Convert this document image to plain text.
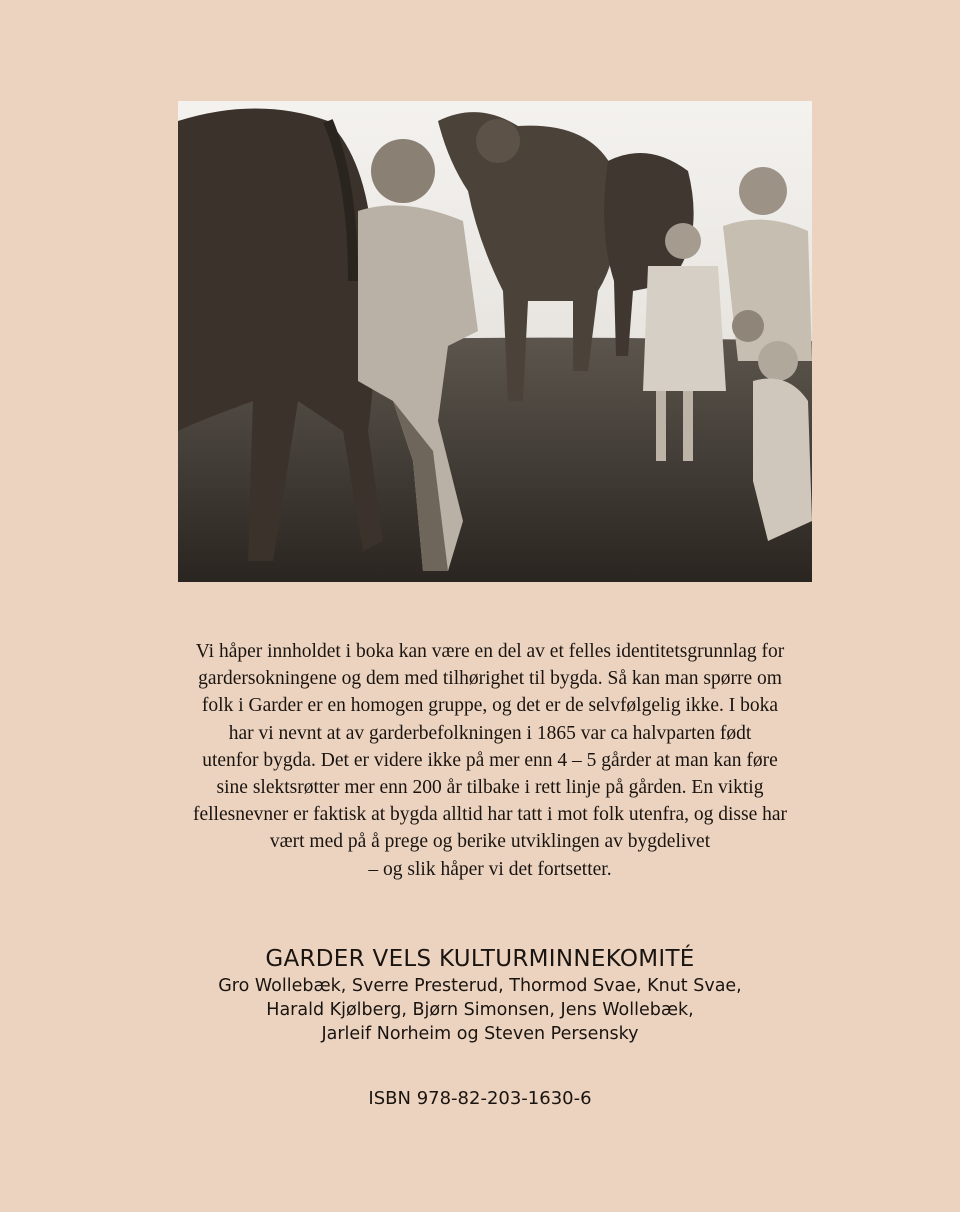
Vi håper innholdet i boka kan være en del av et felles identitetsgrunnlag for
gardersokningene og dem med tilhørighet til bygda. Så kan man spørre om
folk i Garder er en homogen gruppe, og det er de selvfølgelig ikke. I boka
har vi nevnt at av garderbefolkningen i 1865 var ca halvparten født
utenfor bygda. Det er videre ikke på mer enn 4 – 5 gårder at man kan føre
sine slektsrøtter mer enn 200 år tilbake i rett linje på gården. En viktig
fellesnevner er faktisk at bygda alltid har tatt i mot folk utenfra, og disse har
vært med på å prege og berike utviklingen av bygdelivet
– og slik håper vi det fortsetter.

GARDER VELS KULTURMINNEKOMITÉ
Gro Wollebæk, Sverre Presterud, Thormod Svae, Knut Svae,
Harald Kjølberg, Bjørn Simonsen, Jens Wollebæk,
Jarleif Norheim og Steven Persensky
ISBN 978-82-203-1630-6
